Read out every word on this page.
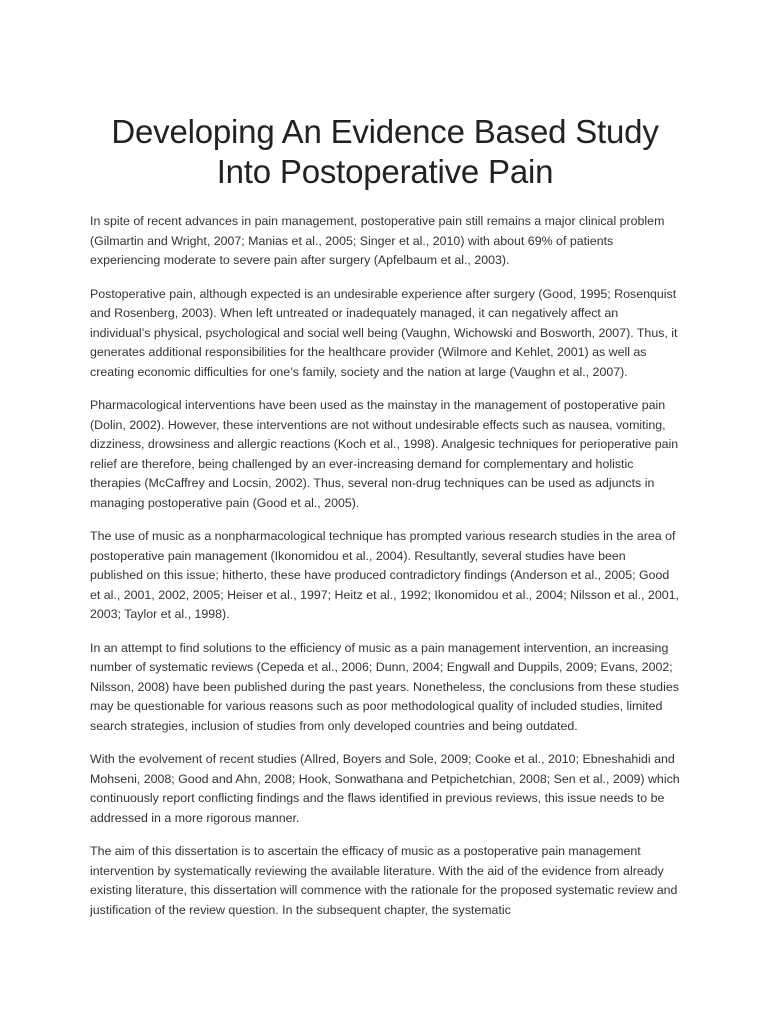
Developing An Evidence Based Study Into Postoperative Pain

In spite of recent advances in pain management, postoperative pain still remains a major clinical problem (Gilmartin and Wright, 2007; Manias et al., 2005; Singer et al., 2010) with about 69% of patients experiencing moderate to severe pain after surgery (Apfelbaum et al., 2003).

Postoperative pain, although expected is an undesirable experience after surgery (Good, 1995; Rosenquist and Rosenberg, 2003). When left untreated or inadequately managed, it can negatively affect an individual’s physical, psychological and social well being (Vaughn, Wichowski and Bosworth, 2007). Thus, it generates additional responsibilities for the healthcare provider (Wilmore and Kehlet, 2001) as well as creating economic difficulties for one’s family, society and the nation at large (Vaughn et al., 2007).

Pharmacological interventions have been used as the mainstay in the management of postoperative pain (Dolin, 2002). However, these interventions are not without undesirable effects such as nausea, vomiting, dizziness, drowsiness and allergic reactions (Koch et al., 1998). Analgesic techniques for perioperative pain relief are therefore, being challenged by an ever-increasing demand for complementary and holistic therapies (McCaffrey and Locsin, 2002). Thus, several non-drug techniques can be used as adjuncts in managing postoperative pain (Good et al., 2005).

The use of music as a nonpharmacological technique has prompted various research studies in the area of postoperative pain management (Ikonomidou et al., 2004). Resultantly, several studies have been published on this issue; hitherto, these have produced contradictory findings (Anderson et al., 2005; Good et al., 2001, 2002, 2005; Heiser et al., 1997; Heitz et al., 1992; Ikonomidou et al., 2004; Nilsson et al., 2001, 2003; Taylor et al., 1998).

In an attempt to find solutions to the efficiency of music as a pain management intervention, an increasing number of systematic reviews (Cepeda et al., 2006; Dunn, 2004; Engwall and Duppils, 2009; Evans, 2002; Nilsson, 2008) have been published during the past years. Nonetheless, the conclusions from these studies may be questionable for various reasons such as poor methodological quality of included studies, limited search strategies, inclusion of studies from only developed countries and being outdated.

With the evolvement of recent studies (Allred, Boyers and Sole, 2009; Cooke et al., 2010; Ebneshahidi and Mohseni, 2008; Good and Ahn, 2008; Hook, Sonwathana and Petpichetchian, 2008; Sen et al., 2009) which continuously report conflicting findings and the flaws identified in previous reviews, this issue needs to be addressed in a more rigorous manner.

The aim of this dissertation is to ascertain the efficacy of music as a postoperative pain management intervention by systematically reviewing the available literature. With the aid of the evidence from already existing literature, this dissertation will commence with the rationale for the proposed systematic review and justification of the review question. In the subsequent chapter, the systematic
